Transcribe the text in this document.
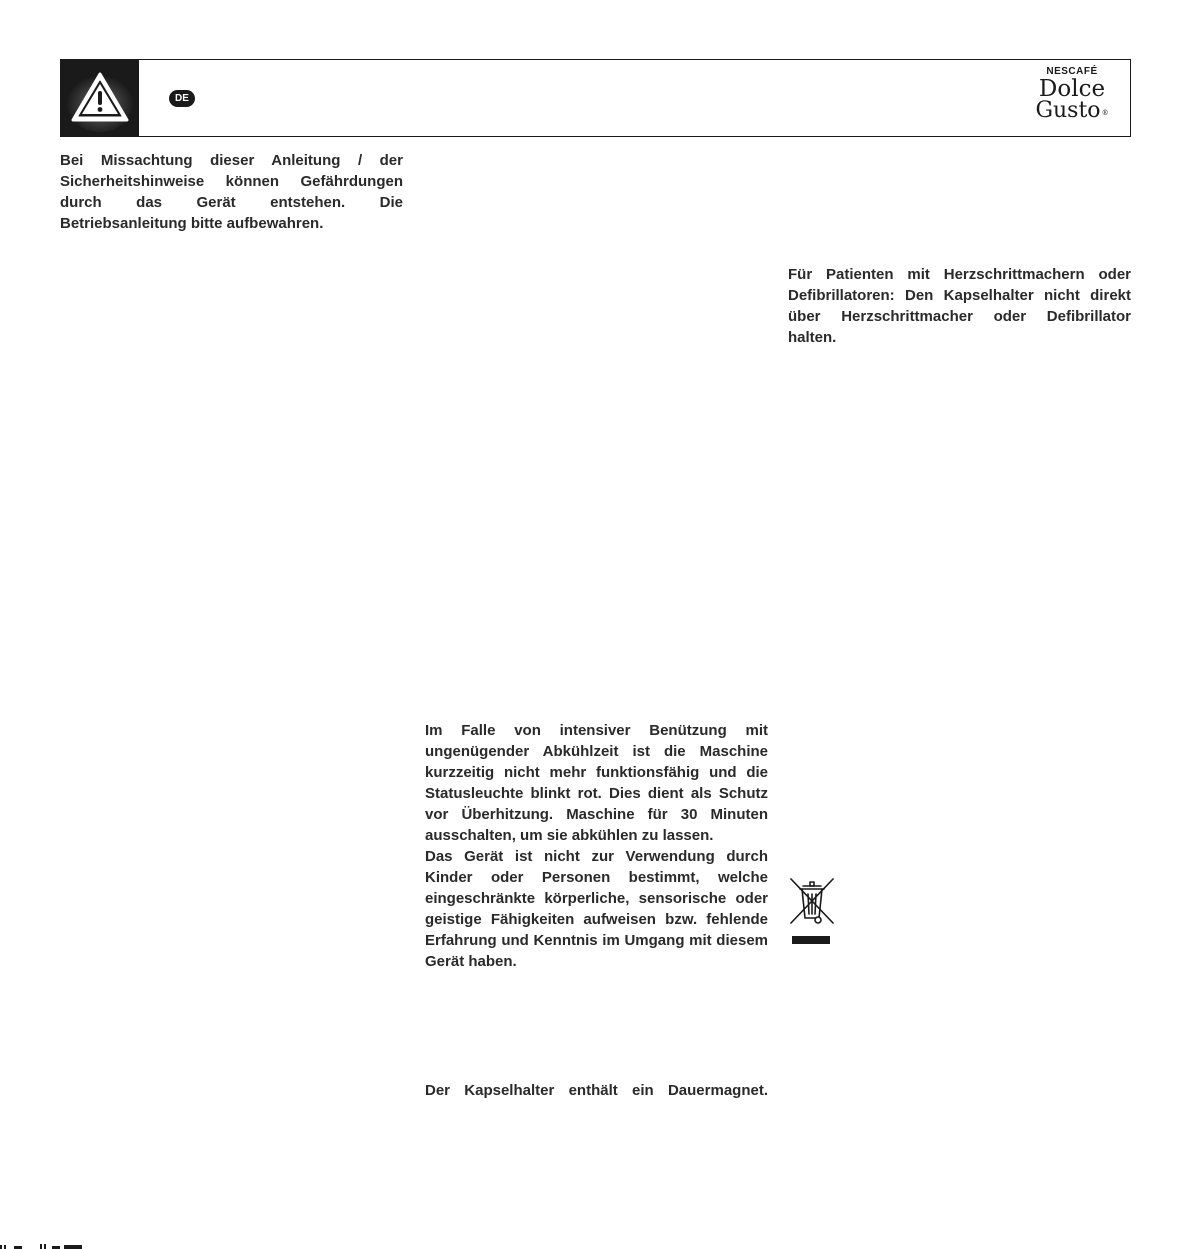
DE
NESCAFÉ
Dolce
Gusto®

Bei Missachtung dieser Anleitung / der Sicherheitshinweise können Gefährdungen durch das Gerät entstehen. Die Betriebsanleitung bitte aufbewahren.

Für Patienten mit Herzschrittmachern oder Defibrillatoren: Den Kapselhalter nicht direkt über Herzschrittmacher oder Defibrillator halten.

Im Falle von intensiver Benützung mit ungenügender Abkühlzeit ist die Maschine kurzzeitig nicht mehr funktionsfähig und die Statusleuchte blinkt rot. Dies dient als Schutz vor Überhitzung. Maschine für 30 Minuten ausschalten, um sie abkühlen zu lassen.

Das Gerät ist nicht zur Verwendung durch Kinder oder Personen bestimmt, welche eingeschränkte körperliche, sensorische oder geistige Fähigkeiten aufweisen bzw. fehlende Erfahrung und Kenntnis im Umgang mit diesem Gerät haben.

Der Kapselhalter enthält ein Dauermagnet.
